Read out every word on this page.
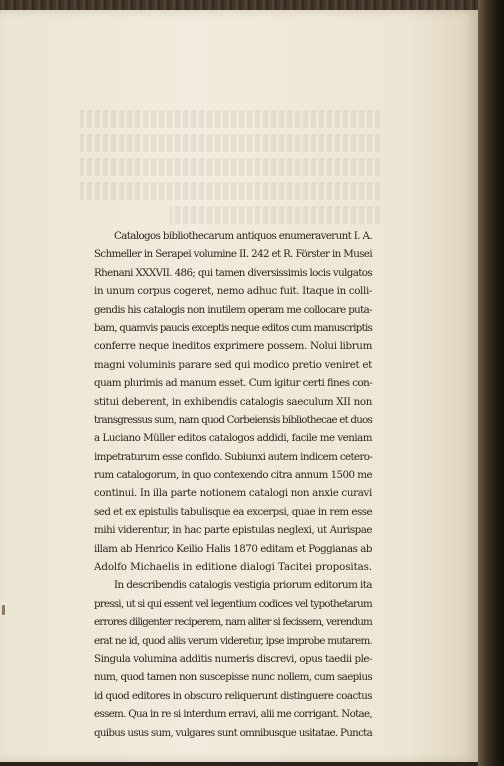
Catalogos bibliothecarum antiquos enumeraverunt I. A.
Schmeller in Serapei volumine II. 242 et R. Förster in Musei
Rhenani XXXVII. 486; qui tamen diversissimis locis vulgatos
in unum corpus cogeret, nemo adhuc fuit. Itaque in colli-
gendis his catalogis non inutilem operam me collocare puta-
bam, quamvis paucis exceptis neque editos cum manuscriptis
conferre neque ineditos exprimere possem. Nolui librum
magni voluminis parare sed qui modico pretio veniret et
quam plurimis ad manum esset. Cum igitur certi fines con-
stitui deberent, in exhibendis catalogis saeculum XII non
transgressus sum, nam quod Corbeiensis bibliothecae et duos
a Luciano Müller editos catalogos addidi, facile me veniam
impetraturum esse confido. Subiunxi autem indicem cetero-
rum catalogorum, in quo contexendo citra annum 1500 me
continui. In illa parte notionem catalogi non anxie curavi
sed et ex epistulis tabulisque ea excerpsi, quae in rem esse
mihi viderentur, in hac parte epistulas neglexi, ut Aurispae
illam ab Henrico Keilio Halis 1870 editam et Poggianas ab
Adolfo Michaelis in editione dialogi Taciteі propositas.
In describendis catalogis vestigia priorum editorum ita
pressi, ut si qui essent vel legentium codices vel typothetarum
errores diligenter reciperem, nam aliter si fecissem, verendum
erat ne id, quod aliis verum videretur, ipse improbe mutarem.
Singula volumina additis numeris discrevi, opus taedii ple-
num, quod tamen non suscepisse nunc nollem, cum saepius
id quod editores in obscuro reliquerunt distinguere coactus
essem. Qua in re si interdum erravi, alii me corrigant. Notae,
quibus usus sum, vulgares sunt omnibusque usitatae. Puncta
